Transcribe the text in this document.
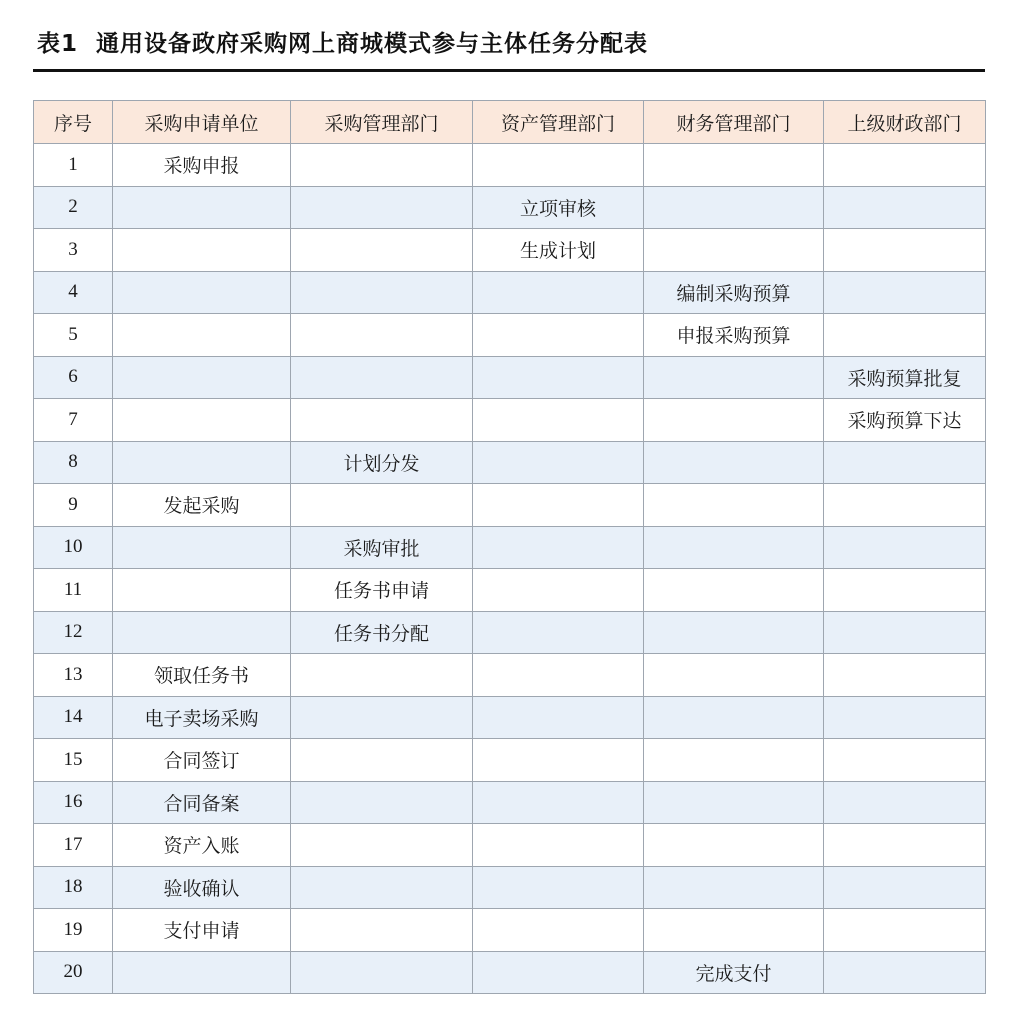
表1 通用设备政府采购网上商城模式参与主体任务分配表
序号	采购申请单位	采购管理部门	资产管理部门	财务管理部门	上级财政部门
1	采购申报				
2			立项审核		
3			生成计划		
4				编制采购预算	
5				申报采购预算	
6					采购预算批复
7					采购预算下达
8		计划分发			
9	发起采购				
10		采购审批			
11		任务书申请			
12		任务书分配			
13	领取任务书				
14	电子卖场采购				
15	合同签订				
16	合同备案				
17	资产入账				
18	验收确认				
19	支付申请				
20				完成支付	
